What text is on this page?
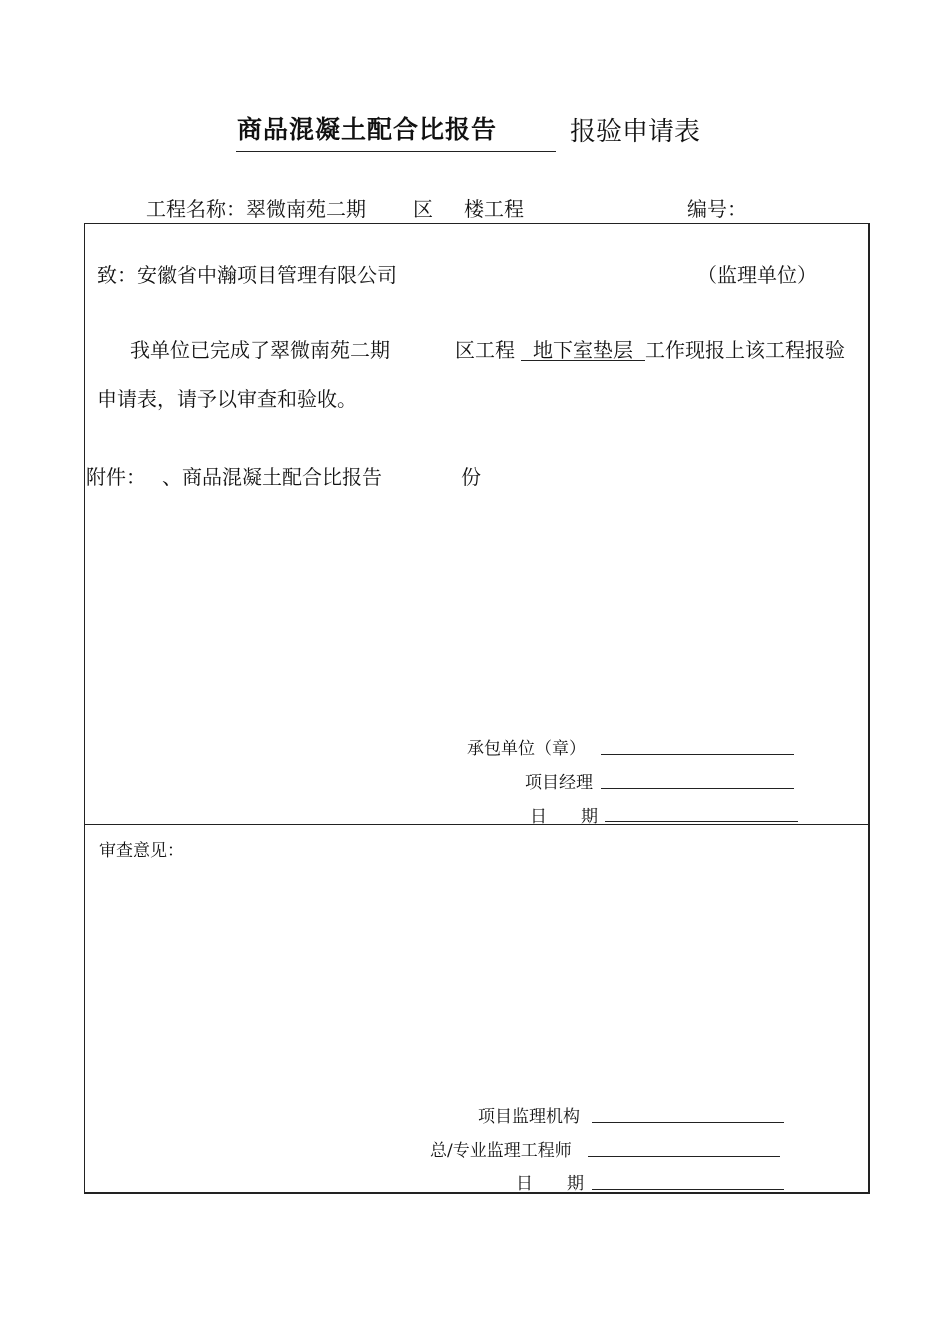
商品混凝土配合比报告	报验申请表
工程名称：翠微南苑二期 区 楼工程	编号：
致：安徽省中瀚项目管理有限公司	（监理单位）
我单位已完成了翠微南苑二期	区工程 地下室垫层 工作现报上该工程报验
申请表，请予以审查和验收。
附件： 、商品混凝土配合比报告	份
承包单位（章）
项目经理
日　　期
审查意见：
项目监理机构
总/专业监理工程师
日　　期
